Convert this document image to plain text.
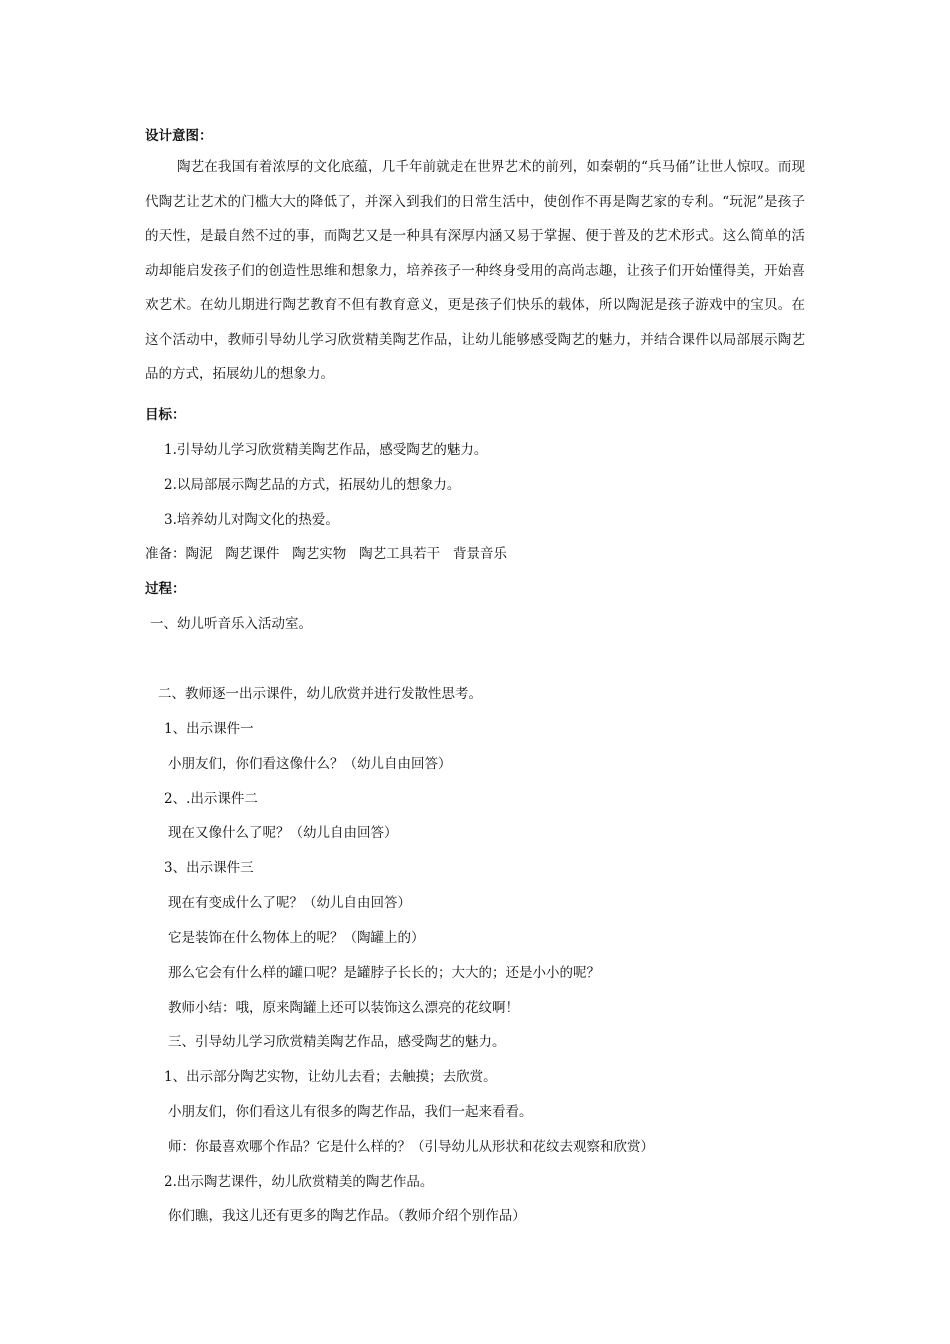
设计意图：
陶艺在我国有着浓厚的文化底蕴，几千年前就走在世界艺术的前列，如秦朝的“兵马俑”让世人惊叹。而现代陶艺让艺术的门槛大大的降低了，并深入到我们的日常生活中，使创作不再是陶艺家的专利。“玩泥”是孩子的天性，是最自然不过的事，而陶艺又是一种具有深厚内涵又易于掌握、便于普及的艺术形式。这么简单的活动却能启发孩子们的创造性思维和想象力，培养孩子一种终身受用的高尚志趣，让孩子们开始懂得美，开始喜欢艺术。在幼儿期进行陶艺教育不但有教育意义，更是孩子们快乐的载体，所以陶泥是孩子游戏中的宝贝。在这个活动中，教师引导幼儿学习欣赏精美陶艺作品，让幼儿能够感受陶艺的魅力，并结合课件以局部展示陶艺品的方式，拓展幼儿的想象力。
目标：
1.引导幼儿学习欣赏精美陶艺作品，感受陶艺的魅力。
2.以局部展示陶艺品的方式，拓展幼儿的想象力。
3.培养幼儿对陶文化的热爱。
准备：陶泥   陶艺课件   陶艺实物   陶艺工具若干   背景音乐
过程：
一、幼儿听音乐入活动室。
二、教师逐一出示课件，幼儿欣赏并进行发散性思考。
1、出示课件一
小朋友们，你们看这像什么？（幼儿自由回答）
2、.出示课件二
现在又像什么了呢？（幼儿自由回答）
3、出示课件三
现在有变成什么了呢？（幼儿自由回答）
它是装饰在什么物体上的呢？（陶罐上的）
那么它会有什么样的罐口呢？是罐脖子长长的；大大的；还是小小的呢？
教师小结：哦，原来陶罐上还可以装饰这么漂亮的花纹啊！
三、引导幼儿学习欣赏精美陶艺作品，感受陶艺的魅力。
1、出示部分陶艺实物，让幼儿去看；去触摸；去欣赏。
小朋友们，你们看这儿有很多的陶艺作品，我们一起来看看。
师：你最喜欢哪个作品？它是什么样的？（引导幼儿从形状和花纹去观察和欣赏）
2.出示陶艺课件，幼儿欣赏精美的陶艺作品。
你们瞧，我这儿还有更多的陶艺作品。（教师介绍个别作品）
